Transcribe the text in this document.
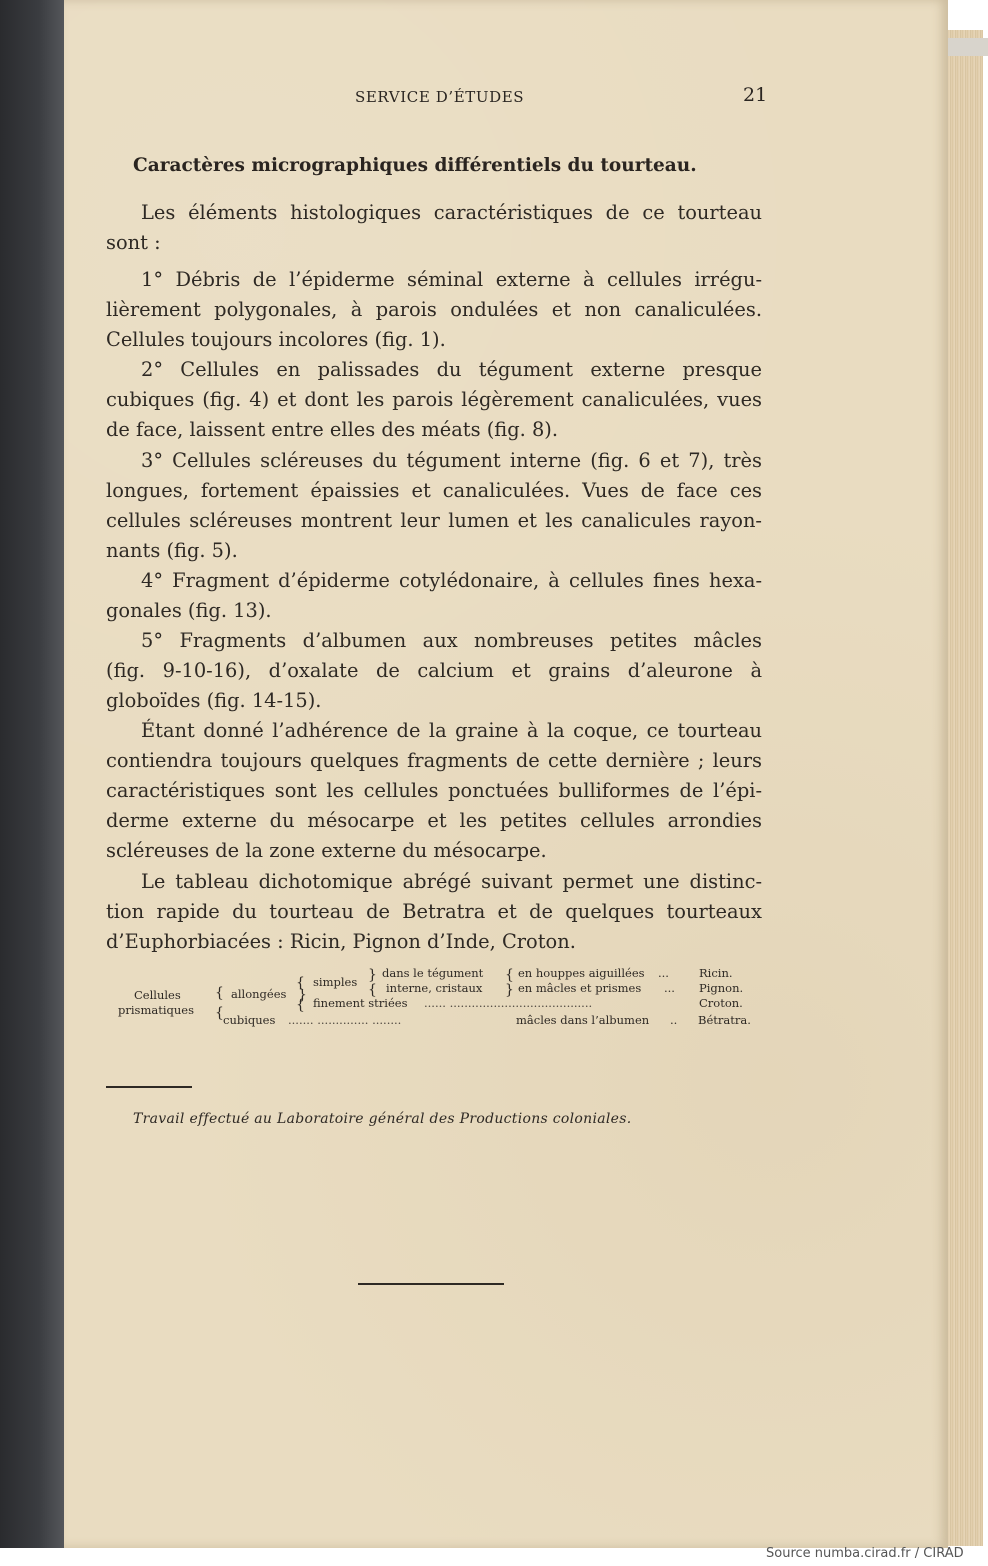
SERVICE D’ÉTUDES	21
Caractères micrographiques différentiels du tourteau.
Les éléments histologiques caractéristiques de ce tourteau
sont :
1° Débris de l’épiderme séminal externe à cellules irrégu-
lièrement polygonales, à parois ondulées et non canaliculées.
Cellules toujours incolores (fig. 1).
2° Cellules en palissades du tégument externe presque
cubiques (fig. 4) et dont les parois légèrement canaliculées, vues
de face, laissent entre elles des méats (fig. 8).
3° Cellules scléreuses du tégument interne (fig. 6 et 7), très
longues, fortement épaissies et canaliculées. Vues de face ces
cellules scléreuses montrent leur lumen et les canalicules rayon-
nants (fig. 5).
4° Fragment d’épiderme cotylédonaire, à cellules fines hexa-
gonales (fig. 13).
5° Fragments d’albumen aux nombreuses petites mâcles
(fig. 9-10-16), d’oxalate de calcium et grains d’aleurone à
globoïdes (fig. 14-15).
Étant donné l’adhérence de la graine à la coque, ce tourteau
contiendra toujours quelques fragments de cette dernière ; leurs
caractéristiques sont les cellules ponctuées bulliformes de l’épi-
derme externe du mésocarpe et les petites cellules arrondies
scléreuses de la zone externe du mésocarpe.
Le tableau dichotomique abrégé suivant permet une distinc-
tion rapide du tourteau de Betratra et de quelques tourteaux
d’Euphorbiacées : Ricin, Pignon d’Inde, Croton.
Cellules
prismatiques
{ allongées
{ cubiques ....... .............. ........
{
}
{
simples
finement striées ...... .......................................
}
{
dans le tégument
interne, cristaux
{
}
en houppes aiguillées ...
en mâcles et prismes ...
mâcles dans l’albumen ..
Ricin.
Pignon.
Croton.
Bétratra.
Travail effectué au Laboratoire général des Productions coloniales.
Source numba.cirad.fr / CIRAD
